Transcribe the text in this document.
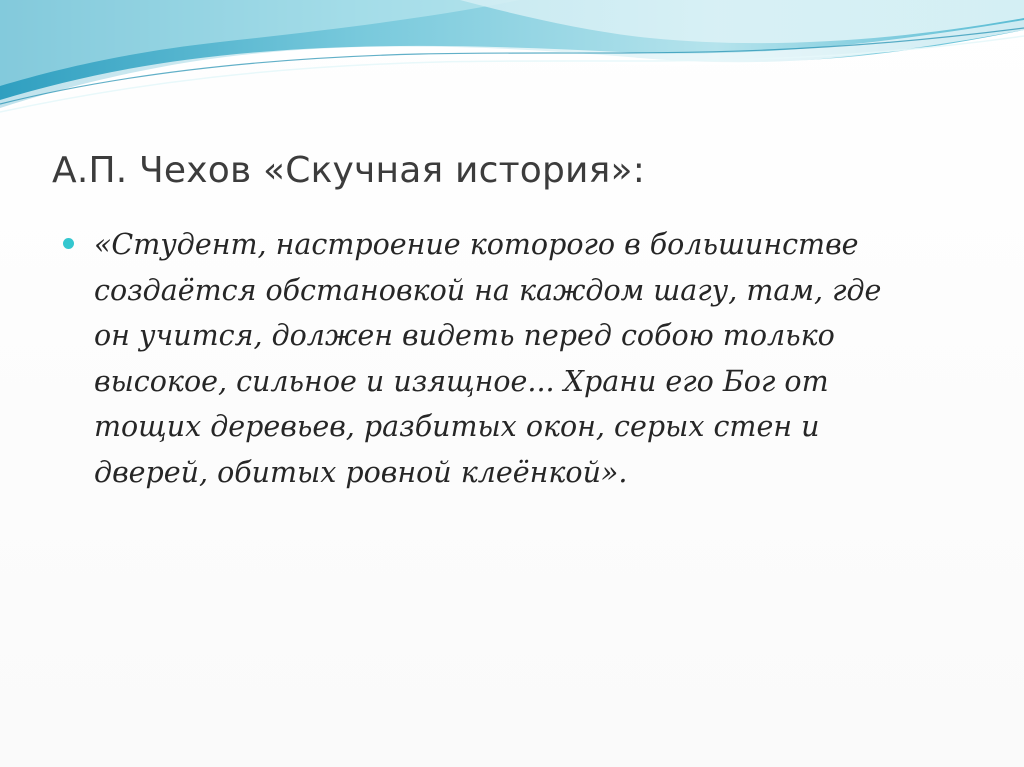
А.П. Чехов «Скучная история»:
«Студент, настроение которого в большинстве создаётся обстановкой на каждом шагу, там, где он учится, должен видеть перед собою только высокое, сильное и изящное... Храни его Бог от тощих деревьев, разбитых окон, серых стен и дверей, обитых ровной клеёнкой».
